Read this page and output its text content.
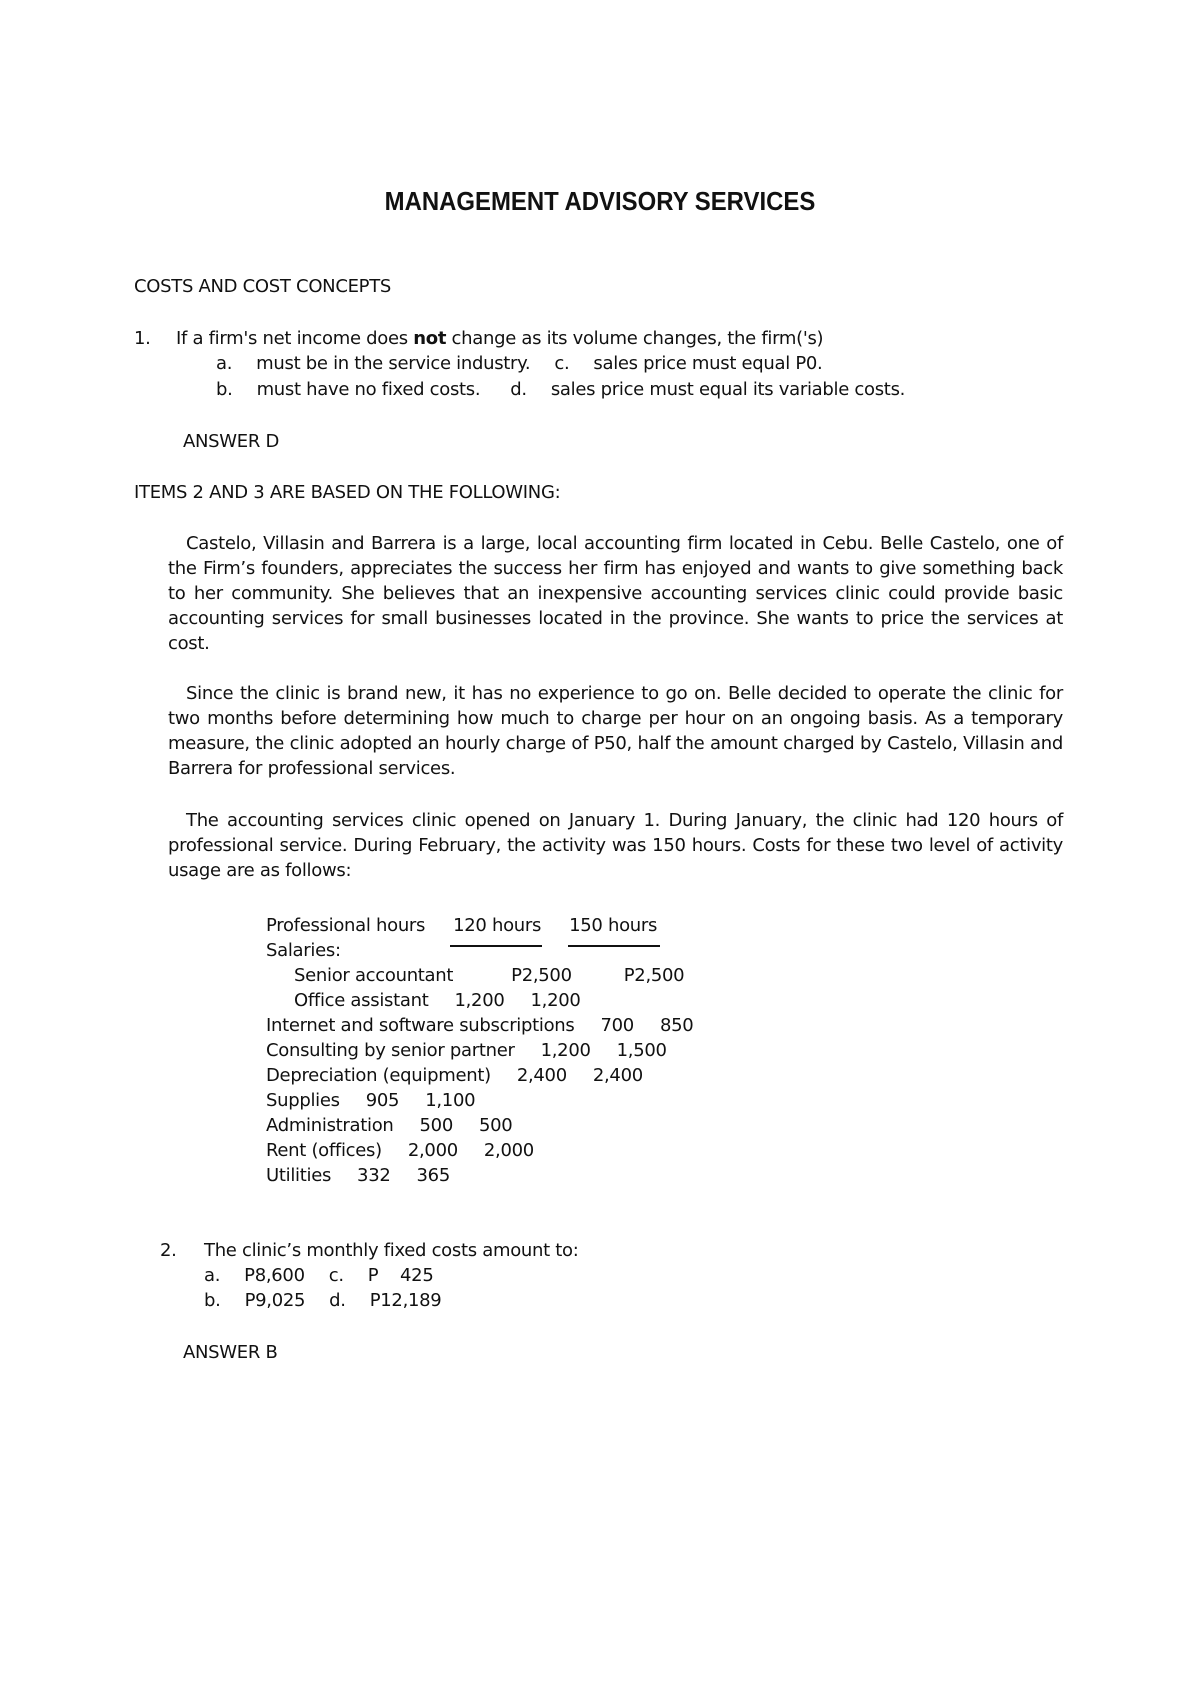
MANAGEMENT ADVISORY SERVICES
COSTS AND COST CONCEPTS
1. If a firm's net income does not change as its volume changes, the firm('s)
a. must be in the service industry. c. sales price must equal P0.
b. must have no fixed costs. d. sales price must equal its variable costs.
ANSWER D
ITEMS 2 AND 3 ARE BASED ON THE FOLLOWING:
Castelo, Villasin and Barrera is a large, local accounting firm located in Cebu. Belle Castelo, one of the Firm’s founders, appreciates the success her firm has enjoyed and wants to give something back to her community. She believes that an inexpensive accounting services clinic could provide basic accounting services for small businesses located in the province. She wants to price the services at cost.
Since the clinic is brand new, it has no experience to go on. Belle decided to operate the clinic for two months before determining how much to charge per hour on an ongoing basis. As a temporary measure, the clinic adopted an hourly charge of P50, half the amount charged by Castelo, Villasin and Barrera for professional services.
The accounting services clinic opened on January 1. During January, the clinic had 120 hours of professional service. During February, the activity was 150 hours. Costs for these two level of activity usage are as follows:
Professional hours 120 hours 150 hours
Salaries:
Senior accountant	P2,500	P2,500
Office assistant 1,200 1,200
Internet and software subscriptions 700 850
Consulting by senior partner 1,200 1,500
Depreciation (equipment) 2,400 2,400
Supplies 905 1,100
Administration 500 500
Rent (offices) 2,000 2,000
Utilities 332 365
2. The clinic’s monthly fixed costs amount to:
a. P8,600 c. P    425
b. P9,025 d. P12,189
ANSWER B
